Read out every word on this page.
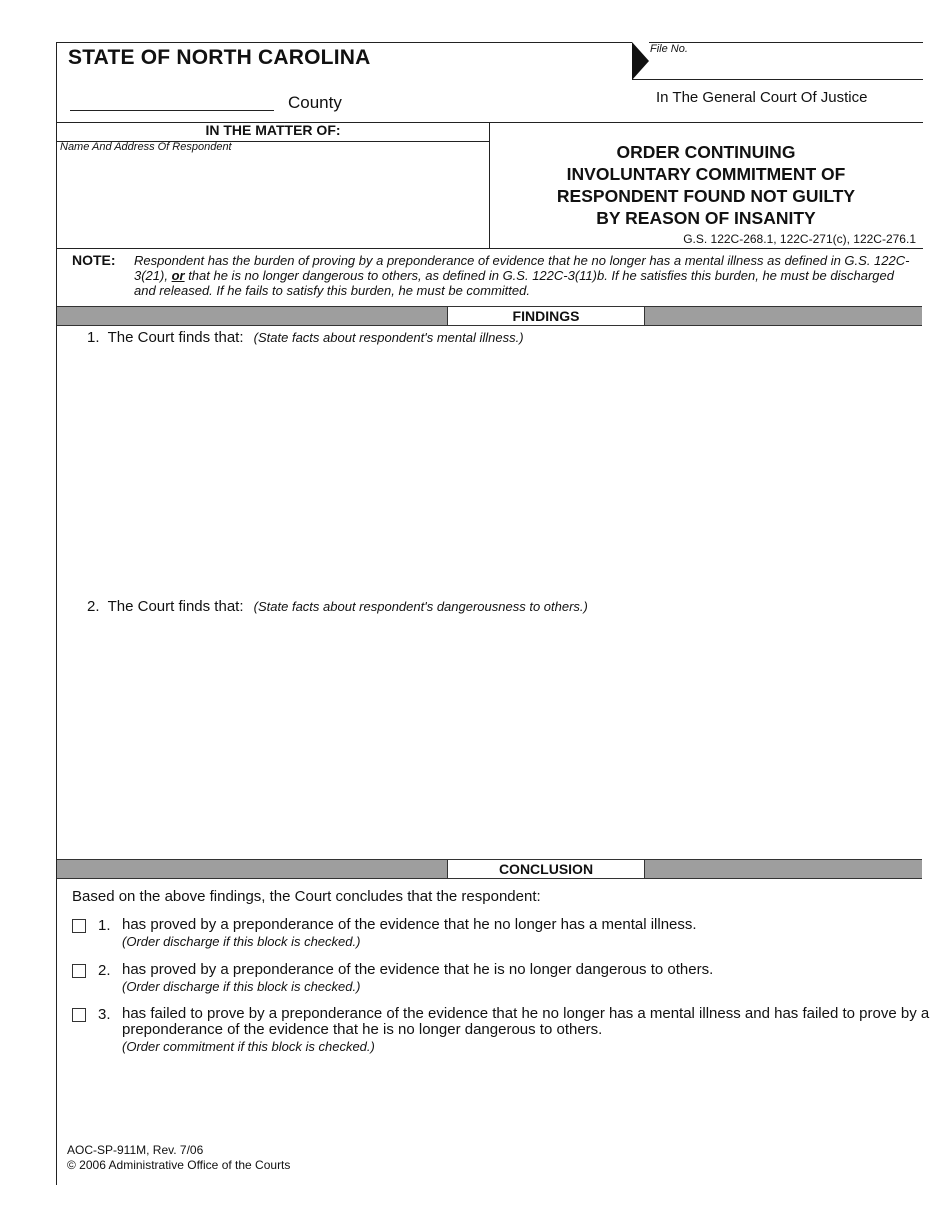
STATE OF NORTH CAROLINA
County
File No.
In The General Court Of Justice
IN THE MATTER OF:
Name And Address Of Respondent	ORDER CONTINUING
INVOLUNTARY COMMITMENT OF
RESPONDENT FOUND NOT GUILTY
BY REASON OF INSANITY
G.S. 122C-268.1, 122C-271(c), 122C-276.1
NOTE: Respondent has the burden of proving by a preponderance of evidence that he no longer has a mental illness as defined in G.S. 122C-3(21), or that he is no longer dangerous to others, as defined in G.S. 122C-3(11)b. If he satisfies this burden, he must be discharged and released. If he fails to satisfy this burden, he must be committed.
FINDINGS
1. The Court finds that: (State facts about respondent's mental illness.)
2. The Court finds that: (State facts about respondent's dangerousness to others.)
CONCLUSION
Based on the above findings, the Court concludes that the respondent:
1. has proved by a preponderance of the evidence that he no longer has a mental illness.
(Order discharge if this block is checked.)
2. has proved by a preponderance of the evidence that he is no longer dangerous to others.
(Order discharge if this block is checked.)
3. has failed to prove by a preponderance of the evidence that he no longer has a mental illness and has failed to prove by a preponderance of the evidence that he is no longer dangerous to others.
(Order commitment if this block is checked.)
AOC-SP-911M, Rev. 7/06
© 2006 Administrative Office of the Courts
